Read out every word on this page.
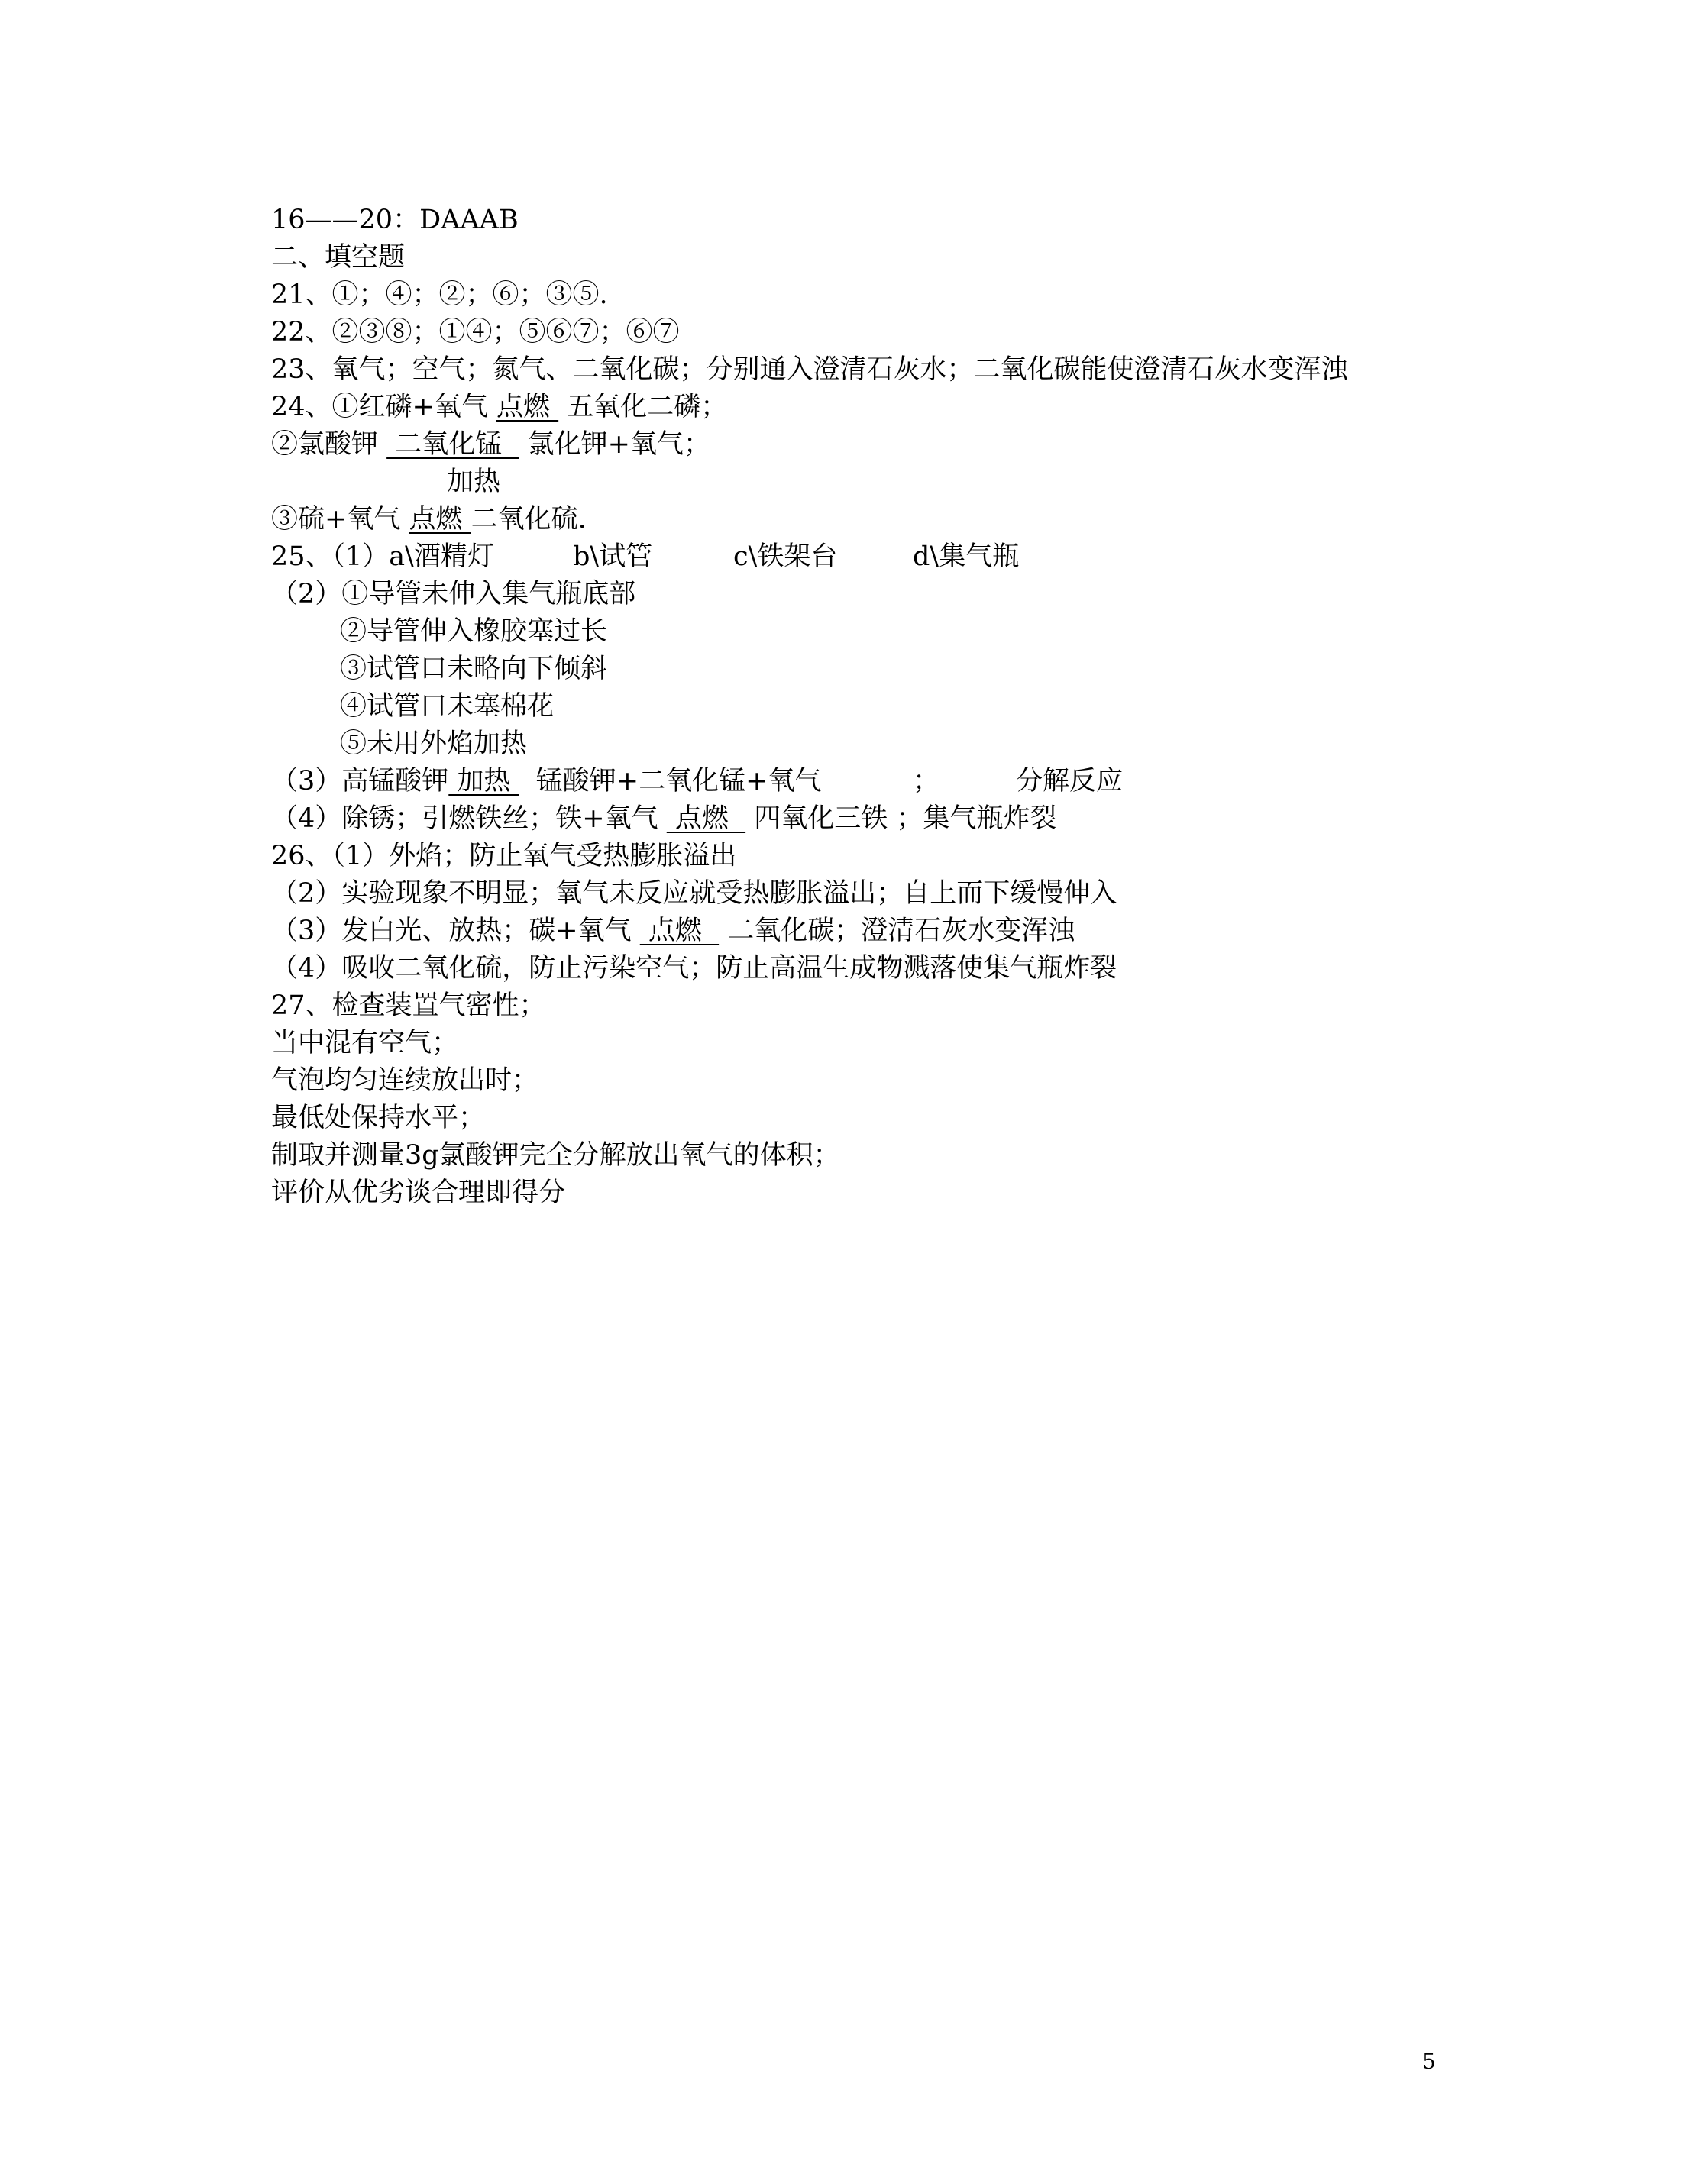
16——20：DAAAB
二、填空题
21、①；④；②；⑥；③⑤.
22、②③⑧；①④；⑤⑥⑦；⑥⑦
23、氧气；空气；氮气、二氧化碳；分别通入澄清石灰水；二氧化碳能使澄清石灰水变浑浊
24、①红磷+氧气 点燃  五氧化二磷；
②氯酸钾  二氧化锰   氯化钾+氧气；
加热
③硫+氧气 点燃 二氧化硫.
25、（1）a\酒精灯	b\试管	c\铁架台	d\集气瓶
（2）①导管未伸入集气瓶底部
②导管伸入橡胶塞过长
③试管口未略向下倾斜
④试管口未塞棉花
⑤未用外焰加热
（3）高锰酸钾 加热   锰酸钾+二氧化锰+氧气	；	分解反应
（4）除锈；引燃铁丝；铁+氧气  点燃   四氧化三铁 ；集气瓶炸裂
26、（1）外焰；防止氧气受热膨胀溢出
（2）实验现象不明显；氧气未反应就受热膨胀溢出；自上而下缓慢伸入
（3）发白光、放热；碳+氧气  点燃   二氧化碳；澄清石灰水变浑浊
（4）吸收二氧化硫，防止污染空气；防止高温生成物溅落使集气瓶炸裂
27、检查装置气密性；
当中混有空气；
气泡均匀连续放出时；
最低处保持水平；
制取并测量3g氯酸钾完全分解放出氧气的体积；
评价从优劣谈合理即得分
5
